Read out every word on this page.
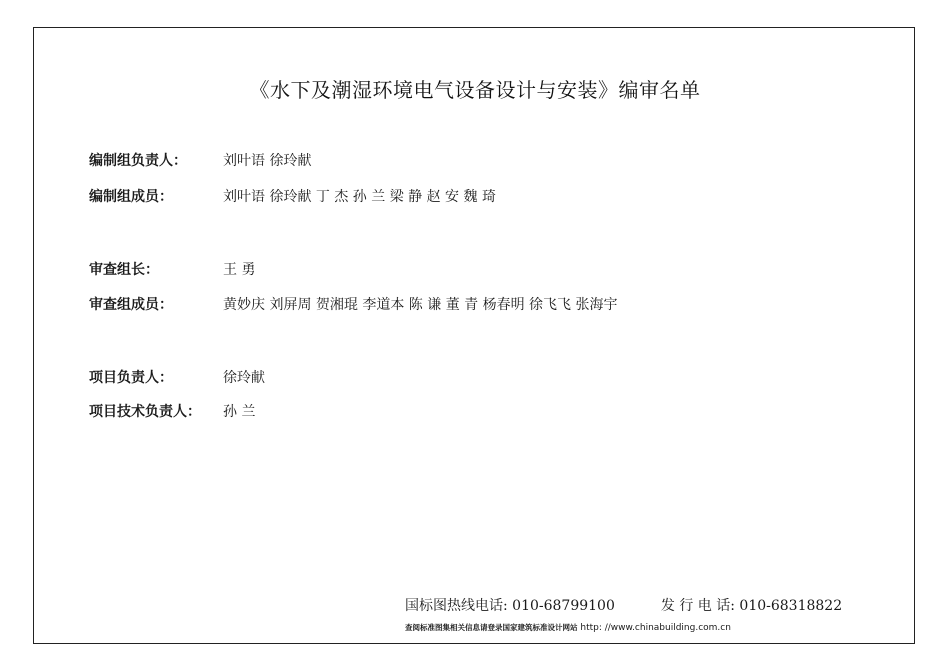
《水下及潮湿环境电气设备设计与安装》编审名单
编制组负责人：	刘叶语 徐玲献
编制组成员：	刘叶语 徐玲献 丁 杰 孙 兰 梁 静 赵 安 魏 琦
审查组长：	王 勇
审查组成员：	黄妙庆 刘屏周 贺湘琨 李道本 陈 谦 董 青 杨春明 徐飞飞 张海宇
项目负责人：	徐玲献
项目技术负责人： 孙 兰
国标图热线电话: 010-68799100	发 行 电 话: 010-68318822
查阅标准图集相关信息请登录国家建筑标准设计网站 http: //www.chinabuilding.com.cn
